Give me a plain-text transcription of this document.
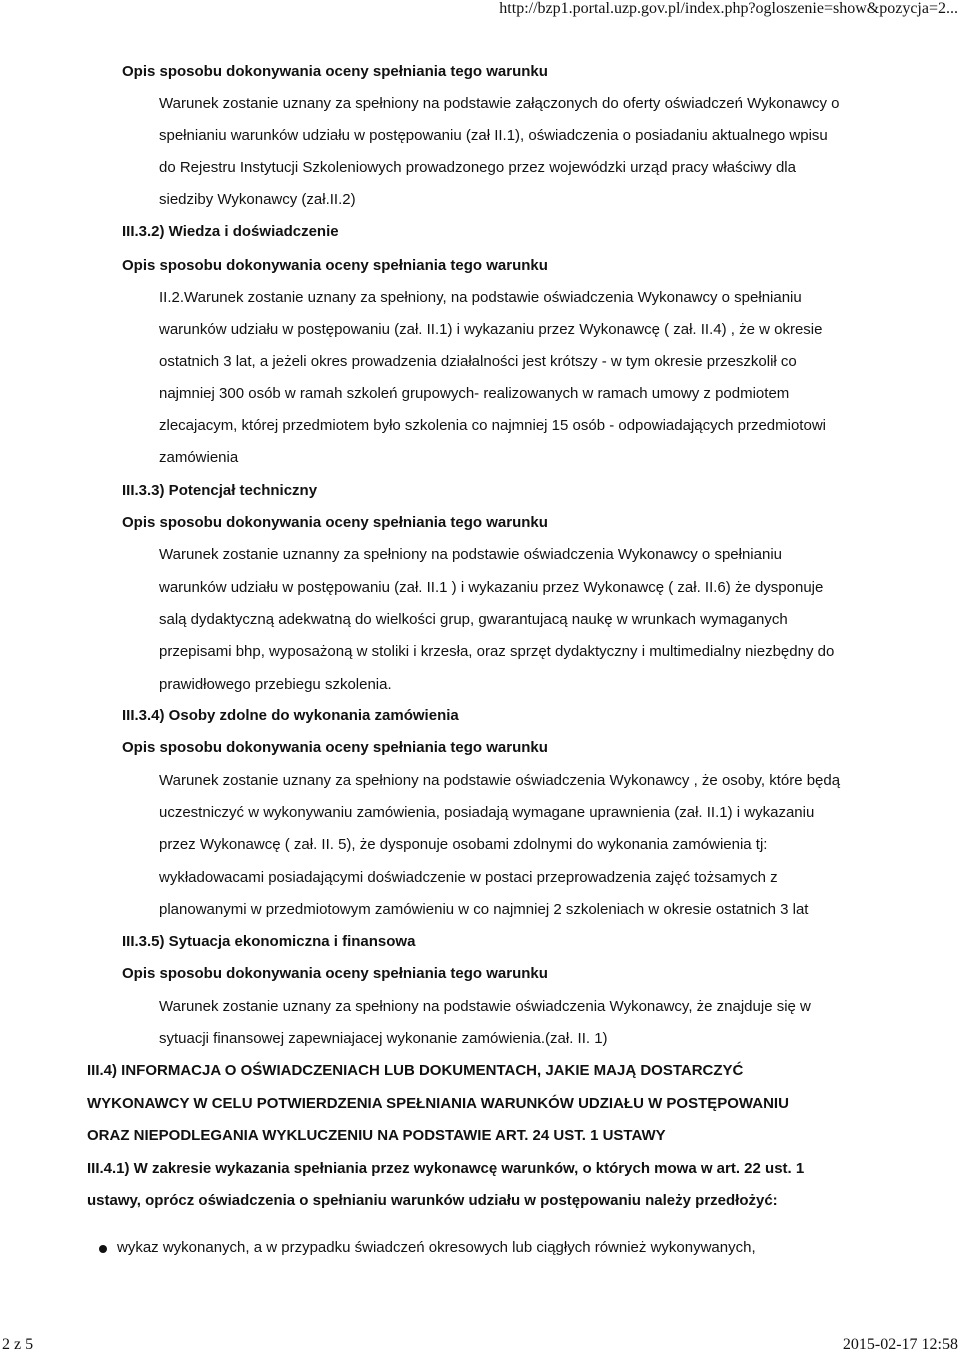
http://bzp1.portal.uzp.gov.pl/index.php?ogloszenie=show&pozycja=2...
Opis sposobu dokonywania oceny spełniania tego warunku
Warunek zostanie uznany za spełniony na podstawie załączonych do oferty oświadczeń Wykonawcy o
spełnianiu warunków udziału w postępowaniu (zał II.1), oświadczenia o posiadaniu aktualnego wpisu
do Rejestru Instytucji Szkoleniowych prowadzonego przez wojewódzki urząd pracy właściwy dla
siedziby Wykonawcy (zał.II.2)
III.3.2) Wiedza i doświadczenie
Opis sposobu dokonywania oceny spełniania tego warunku
II.2.Warunek zostanie uznany za spełniony, na podstawie oświadczenia Wykonawcy o spełnianiu
warunków udziału w postępowaniu (zał. II.1) i wykazaniu przez Wykonawcę ( zał. II.4) , że w okresie
ostatnich 3 lat, a jeżeli okres prowadzenia działalności jest krótszy - w tym okresie przeszkolił co
najmniej 300 osób w ramah szkoleń grupowych- realizowanych w ramach umowy z podmiotem
zlecajacym, której przedmiotem było szkolenia co najmniej 15 osób - odpowiadających przedmiotowi
zamówienia
III.3.3) Potencjał techniczny
Opis sposobu dokonywania oceny spełniania tego warunku
Warunek zostanie uznanny za spełniony na podstawie oświadczenia Wykonawcy o spełnianiu
warunków udziału w postępowaniu (zał. II.1 ) i wykazaniu przez Wykonawcę ( zał. II.6) że dysponuje
salą dydaktyczną adekwatną do wielkości grup, gwarantujacą naukę w wrunkach wymaganych
przepisami bhp, wyposażoną w stoliki i krzesła, oraz sprzęt dydaktyczny i multimedialny niezbędny do
prawidłowego przebiegu szkolenia.
III.3.4) Osoby zdolne do wykonania zamówienia
Opis sposobu dokonywania oceny spełniania tego warunku
Warunek zostanie uznany za spełniony na podstawie oświadczenia Wykonawcy , że osoby, które będą
uczestniczyć w wykonywaniu zamówienia, posiadają wymagane uprawnienia (zał. II.1) i wykazaniu
przez Wykonawcę ( zał. II. 5), że dysponuje osobami zdolnymi do wykonania zamówienia tj:
wykładowacami posiadającymi doświadczenie w postaci przeprowadzenia zajęć tożsamych z
planowanymi w przedmiotowym zamówieniu w co najmniej 2 szkoleniach w okresie ostatnich 3 lat
III.3.5) Sytuacja ekonomiczna i finansowa
Opis sposobu dokonywania oceny spełniania tego warunku
Warunek zostanie uznany za spełniony na podstawie oświadczenia Wykonawcy, że znajduje się w
sytuacji finansowej zapewniajacej wykonanie zamówienia.(zał. II. 1)
III.4) INFORMACJA O OŚWIADCZENIACH LUB DOKUMENTACH, JAKIE MAJĄ DOSTARCZYĆ
WYKONAWCY W CELU POTWIERDZENIA SPEŁNIANIA WARUNKÓW UDZIAŁU W POSTĘPOWANIU
ORAZ NIEPODLEGANIA WYKLUCZENIU NA PODSTAWIE ART. 24 UST. 1 USTAWY
III.4.1) W zakresie wykazania spełniania przez wykonawcę warunków, o których mowa w art. 22 ust. 1
ustawy, oprócz oświadczenia o spełnianiu warunków udziału w postępowaniu należy przedłożyć:
wykaz wykonanych, a w przypadku świadczeń okresowych lub ciągłych również wykonywanych,
2 z 5	2015-02-17 12:58
